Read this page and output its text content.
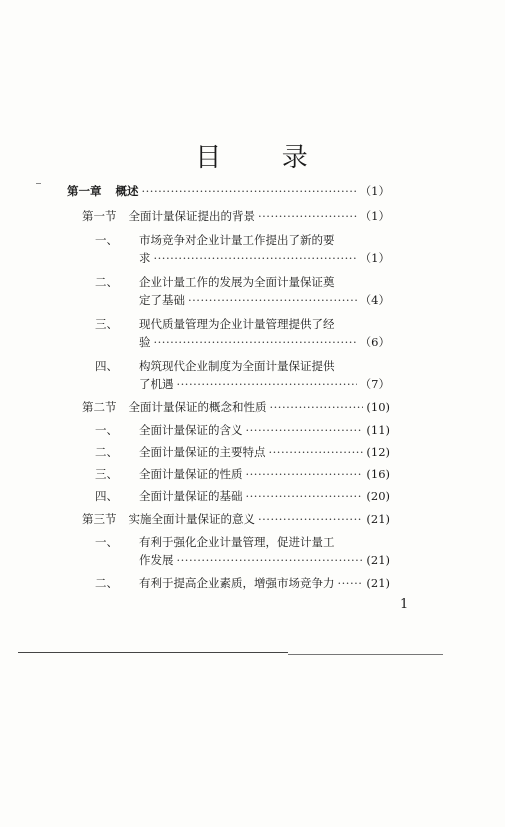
目 录
第一章 概述 ·····	（1）
第一节 全面计量保证提出的背景 ·····	（1）
一、	市场竞争对企业计量工作提出了新的要
求 ·····	（1）
二、	企业计量工作的发展为全面计量保证奠
定了基础 ·····	（4）
三、	现代质量管理为企业计量管理提供了经
验 ·····	（6）
四、	构筑现代企业制度为全面计量保证提供
了机遇 ·····	（7）
第二节 全面计量保证的概念和性质 ·····	(10)
一、	全面计量保证的含义 ·····	(11)
二、	全面计量保证的主要特点 ·····	(12)
三、	全面计量保证的性质 ·····	(16)
四、	全面计量保证的基础 ·····	(20)
第三节 实施全面计量保证的意义 ·····	(21)
一、	有利于强化企业计量管理，促进计量工
作发展 ·····	(21)
二、	有利于提高企业素质，增强市场竞争力 ·····	(21)
1
